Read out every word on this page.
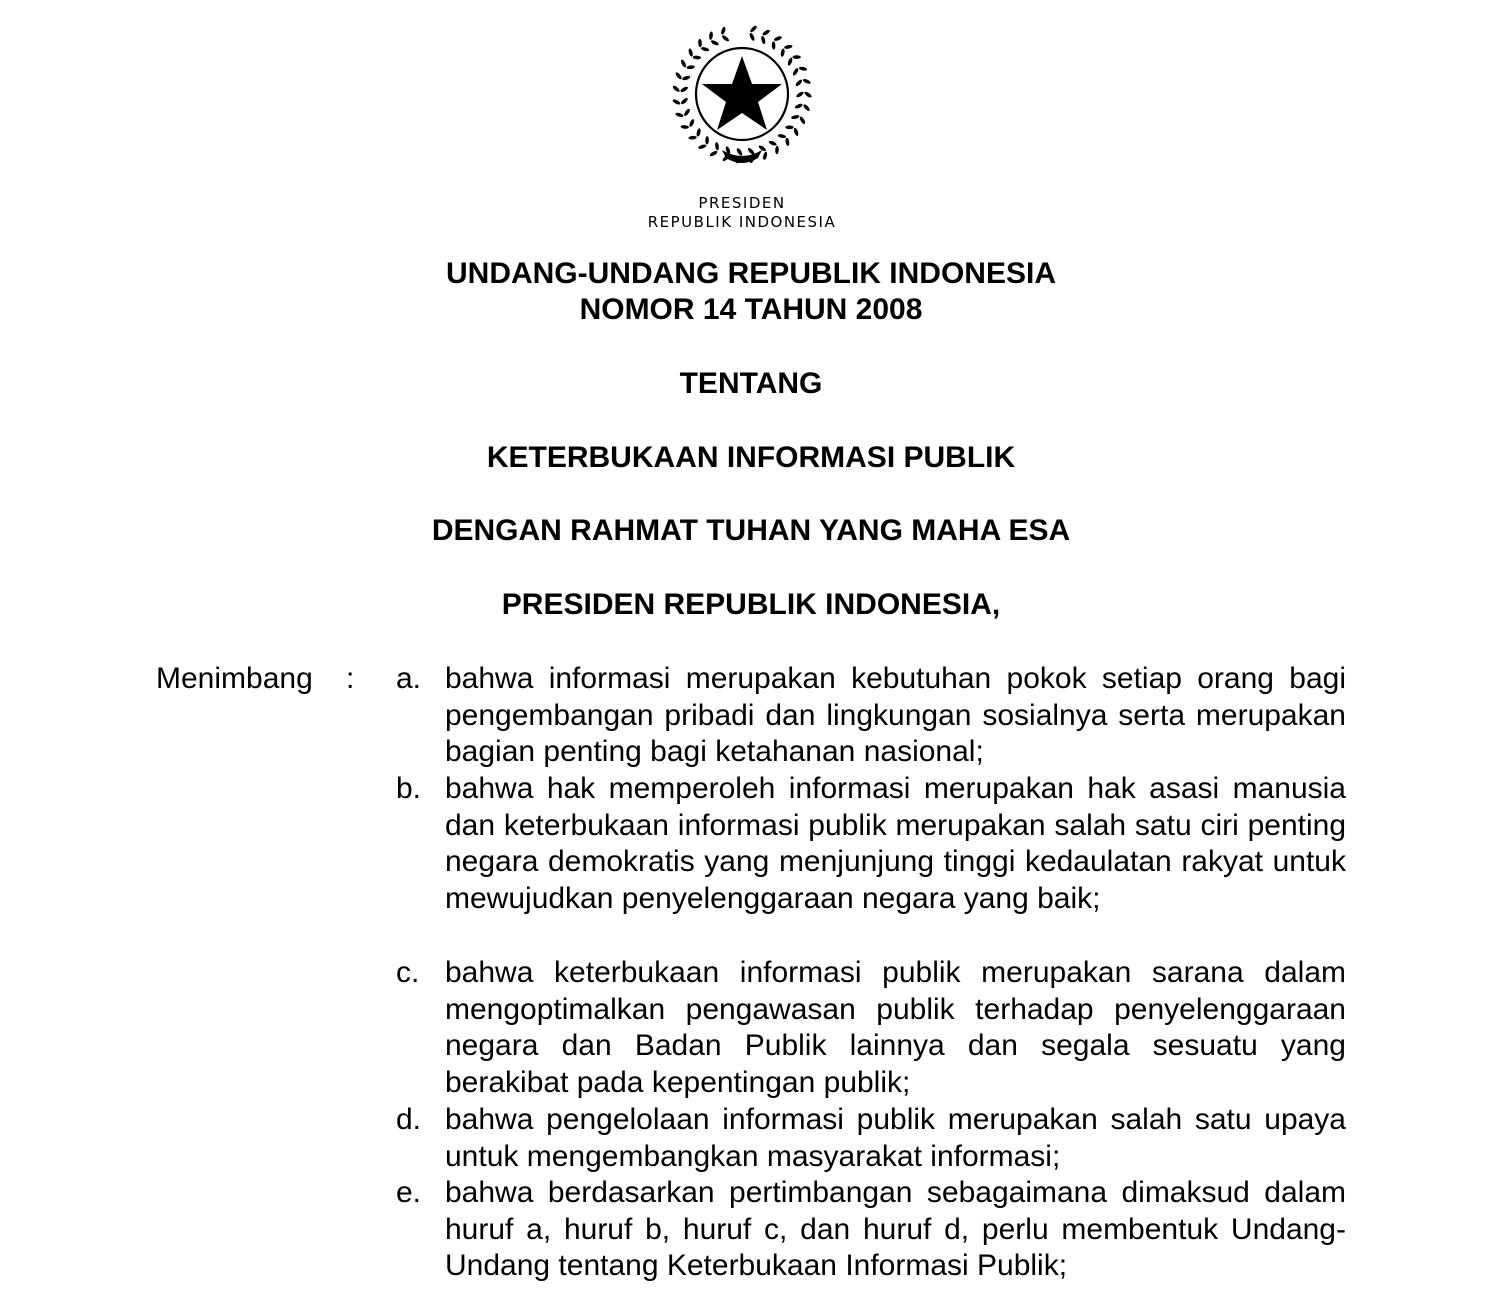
PRESIDEN
REPUBLIK INDONESIA
UNDANG-UNDANG REPUBLIK INDONESIA
NOMOR 14 TAHUN 2008
TENTANG
KETERBUKAAN INFORMASI PUBLIK
DENGAN RAHMAT TUHAN YANG MAHA ESA
PRESIDEN REPUBLIK INDONESIA,
Menimbang : a. bahwa informasi merupakan kebutuhan pokok setiap orang bagi pengembangan pribadi dan lingkungan sosialnya serta merupakan bagian penting bagi ketahanan nasional;
b. bahwa hak memperoleh informasi merupakan hak asasi manusia dan keterbukaan informasi publik merupakan salah satu ciri penting negara demokratis yang menjunjung tinggi kedaulatan rakyat untuk mewujudkan penyelenggaraan negara yang baik;
c. bahwa keterbukaan informasi publik merupakan sarana dalam mengoptimalkan pengawasan publik terhadap penyelenggaraan negara dan Badan Publik lainnya dan segala sesuatu yang berakibat pada kepentingan publik;
d. bahwa pengelolaan informasi publik merupakan salah satu upaya untuk mengembangkan masyarakat informasi;
e. bahwa berdasarkan pertimbangan sebagaimana dimaksud dalam huruf a, huruf b, huruf c, dan huruf d, perlu membentuk Undang-Undang tentang Keterbukaan Informasi Publik;
